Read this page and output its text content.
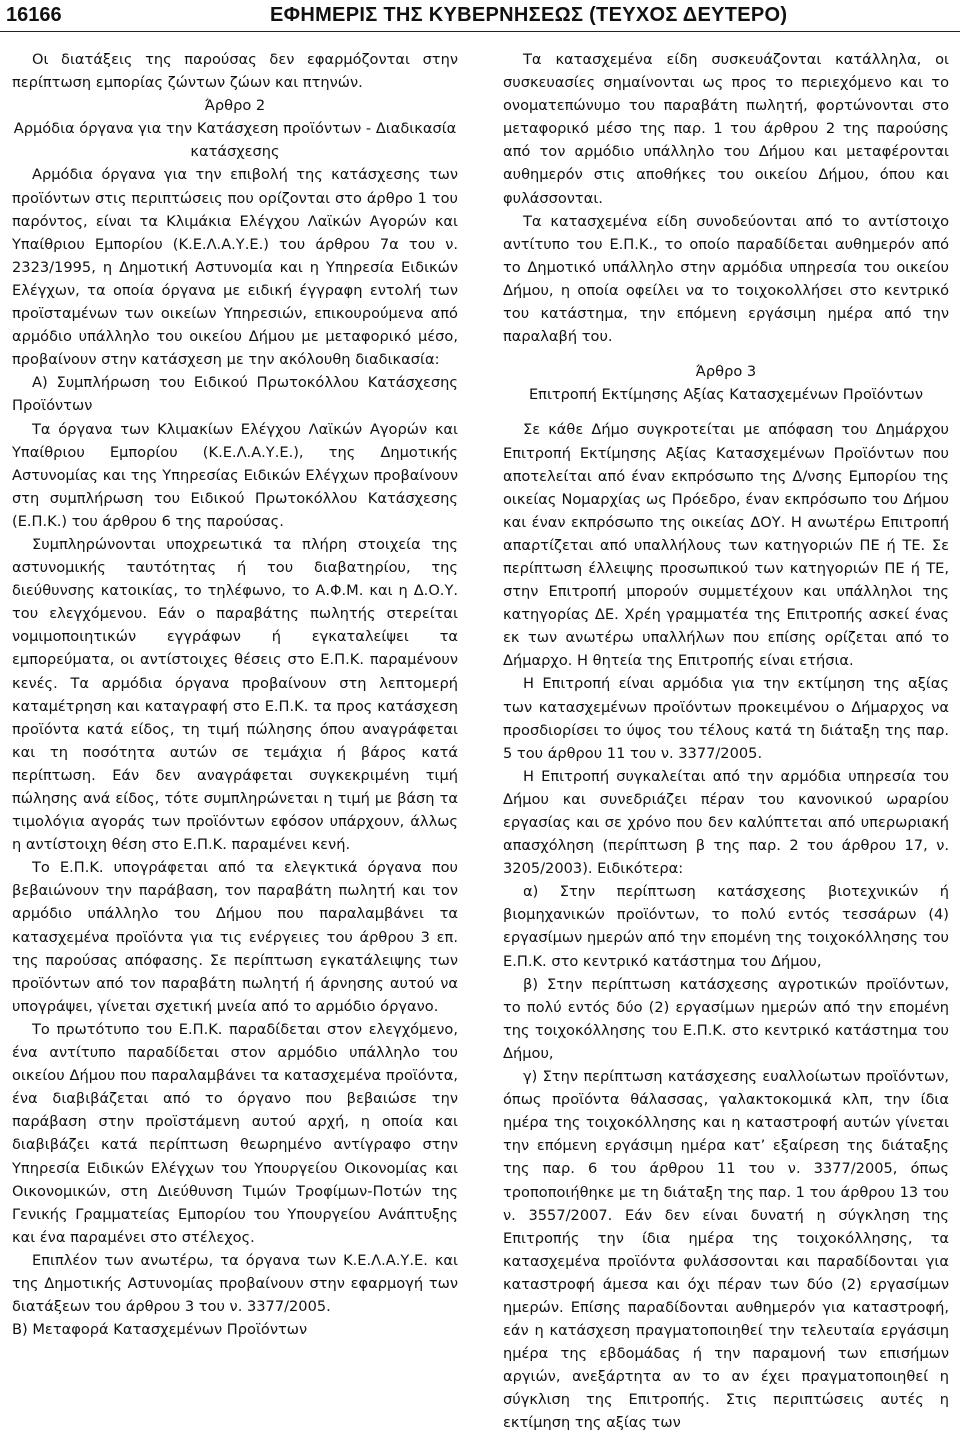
16166	ΕΦΗΜΕΡΙΣ ΤΗΣ ΚΥΒΕΡΝΗΣΕΩΣ (ΤΕΥΧΟΣ ΔΕΥΤΕΡΟ)

Οι διατάξεις της παρούσας δεν εφαρμόζονται στην περίπτωση εμπορίας ζώντων ζώων και πτηνών.

Άρθρο 2

Αρμόδια όργανα για την Κατάσχεση προϊόντων - Διαδικασία κατάσχεσης

Αρμόδια όργανα για την επιβολή της κατάσχεσης των προϊόντων στις περιπτώσεις που ορίζονται στο άρθρο 1 του παρόντος, είναι τα Κλιμάκια Ελέγχου Λαϊκών Αγορών και Υπαίθριου Εμπορίου (Κ.Ε.Λ.Α.Υ.Ε.) του άρθρου 7α του ν. 2323/1995, η Δημοτική Αστυνομία και η Υπηρεσία Ειδικών Ελέγχων, τα οποία όργανα με ειδική έγγραφη εντολή των προϊσταμένων των οικείων Υπηρεσιών, επικουρούμενα από αρμόδιο υπάλληλο του οικείου Δήμου με μεταφορικό μέσο, προβαίνουν στην κατάσχεση με την ακόλουθη διαδικασία:

Α) Συμπλήρωση του Ειδικού Πρωτοκόλλου Κατάσχεσης Προϊόντων

Τα όργανα των Κλιμακίων Ελέγχου Λαϊκών Αγορών και Υπαίθριου Εμπορίου (Κ.Ε.Λ.Α.Υ.Ε.), της Δημοτικής Αστυνομίας και της Υπηρεσίας Ειδικών Ελέγχων προβαίνουν στη συμπλήρωση του Ειδικού Πρωτοκόλλου Κατάσχεσης (Ε.Π.Κ.) του άρθρου 6 της παρούσας.

Συμπληρώνονται υποχρεωτικά τα πλήρη στοιχεία της αστυνομικής ταυτότητας ή του διαβατηρίου, της διεύθυνσης κατοικίας, το τηλέφωνο, το Α.Φ.Μ. και η Δ.Ο.Υ. του ελεγχόμενου. Εάν ο παραβάτης πωλητής στερείται νομιμοποιητικών εγγράφων ή εγκαταλείψει τα εμπορεύματα, οι αντίστοιχες θέσεις στο Ε.Π.Κ. παραμένουν κενές. Τα αρμόδια όργανα προβαίνουν στη λεπτομερή καταμέτρηση και καταγραφή στο Ε.Π.Κ. τα προς κατάσχεση προϊόντα κατά είδος, τη τιμή πώλησης όπου αναγράφεται και τη ποσότητα αυτών σε τεμάχια ή βάρος κατά περίπτωση. Εάν δεν αναγράφεται συγκεκριμένη τιμή πώλησης ανά είδος, τότε συμπληρώνεται η τιμή με βάση τα τιμολόγια αγοράς των προϊόντων εφόσον υπάρχουν, άλλως η αντίστοιχη θέση στο Ε.Π.Κ. παραμένει κενή.

Το Ε.Π.Κ. υπογράφεται από τα ελεγκτικά όργανα που βεβαιώνουν την παράβαση, τον παραβάτη πωλητή και τον αρμόδιο υπάλληλο του Δήμου που παραλαμβάνει τα κατασχεμένα προϊόντα για τις ενέργειες του άρθρου 3 επ. της παρούσας απόφασης. Σε περίπτωση εγκατάλειψης των προϊόντων από τον παραβάτη πωλητή ή άρνησης αυτού να υπογράψει, γίνεται σχετική μνεία από το αρμόδιο όργανο.

Το πρωτότυπο του Ε.Π.Κ. παραδίδεται στον ελεγχόμενο, ένα αντίτυπο παραδίδεται στον αρμόδιο υπάλληλο του οικείου Δήμου που παραλαμβάνει τα κατασχεμένα προϊόντα, ένα διαβιβάζεται από το όργανο που βεβαιώσε την παράβαση στην προϊστάμενη αυτού αρχή, η οποία και διαβιβάζει κατά περίπτωση θεωρημένο αντίγραφο στην Υπηρεσία Ειδικών Ελέγχων του Υπουργείου Οικονομίας και Οικονομικών, στη Διεύθυνση Τιμών Τροφίμων-Ποτών της Γενικής Γραμματείας Εμπορίου του Υπουργείου Ανάπτυξης και ένα παραμένει στο στέλεχος.

Επιπλέον των ανωτέρω, τα όργανα των Κ.Ε.Λ.Α.Υ.Ε. και της Δημοτικής Αστυνομίας προβαίνουν στην εφαρμογή των διατάξεων του άρθρου 3 του ν. 3377/2005.

Β) Μεταφορά Κατασχεμένων Προϊόντων

Τα κατασχεμένα είδη συσκευάζονται κατάλληλα, οι συσκευασίες σημαίνονται ως προς το περιεχόμενο και το ονοματεπώνυμο του παραβάτη πωλητή, φορτώνονται στο μεταφορικό μέσο της παρ. 1 του άρθρου 2 της παρούσης από τον αρμόδιο υπάλληλο του Δήμου και μεταφέρονται αυθημερόν στις αποθήκες του οικείου Δήμου, όπου και φυλάσσονται.

Τα κατασχεμένα είδη συνοδεύονται από το αντίστοιχο αντίτυπο του Ε.Π.Κ., το οποίο παραδίδεται αυθημερόν από το Δημοτικό υπάλληλο στην αρμόδια υπηρεσία του οικείου Δήμου, η οποία οφείλει να το τοιχοκολλήσει στο κεντρικό του κατάστημα, την επόμενη εργάσιμη ημέρα από την παραλαβή του.

Άρθρο 3

Επιτροπή Εκτίμησης Αξίας Κατασχεμένων Προϊόντων

Σε κάθε Δήμο συγκροτείται με απόφαση του Δημάρχου Επιτροπή Εκτίμησης Αξίας Κατασχεμένων Προϊόντων που αποτελείται από έναν εκπρόσωπο της Δ/νσης Εμπορίου της οικείας Νομαρχίας ως Πρόεδρο, έναν εκπρόσωπο του Δήμου και έναν εκπρόσωπο της οικείας ΔΟΥ. Η ανωτέρω Επιτροπή απαρτίζεται από υπαλλήλους των κατηγοριών ΠΕ ή ΤΕ. Σε περίπτωση έλλειψης προσωπικού των κατηγοριών ΠΕ ή ΤΕ, στην Επιτροπή μπορούν συμμετέχουν και υπάλληλοι της κατηγορίας ΔΕ. Χρέη γραμματέα της Επιτροπής ασκεί ένας εκ των ανωτέρω υπαλλήλων που επίσης ορίζεται από το Δήμαρχο. Η θητεία της Επιτροπής είναι ετήσια.

Η Επιτροπή είναι αρμόδια για την εκτίμηση της αξίας των κατασχεμένων προϊόντων προκειμένου ο Δήμαρχος να προσδιορίσει το ύψος του τέλους κατά τη διάταξη της παρ. 5 του άρθρου 11 του ν. 3377/2005.

Η Επιτροπή συγκαλείται από την αρμόδια υπηρεσία του Δήμου και συνεδριάζει πέραν του κανονικού ωραρίου εργασίας και σε χρόνο που δεν καλύπτεται από υπερωριακή απασχόληση (περίπτωση β της παρ. 2 του άρθρου 17, ν. 3205/2003). Ειδικότερα:

α) Στην περίπτωση κατάσχεσης βιοτεχνικών ή βιομηχανικών προϊόντων, το πολύ εντός τεσσάρων (4) εργασίμων ημερών από την επομένη της τοιχοκόλλησης του Ε.Π.Κ. στο κεντρικό κατάστημα του Δήμου,

β) Στην περίπτωση κατάσχεσης αγροτικών προϊόντων, το πολύ εντός δύο (2) εργασίμων ημερών από την επομένη της τοιχοκόλλησης του Ε.Π.Κ. στο κεντρικό κατάστημα του Δήμου,

γ) Στην περίπτωση κατάσχεσης ευαλλοίωτων προϊόντων, όπως προϊόντα θάλασσας, γαλακτοκομικά κλπ, την ίδια ημέρα της τοιχοκόλλησης και η καταστροφή αυτών γίνεται την επόμενη εργάσιμη ημέρα κατ’ εξαίρεση της διάταξης της παρ. 6 του άρθρου 11 του ν. 3377/2005, όπως τροποποιήθηκε με τη διάταξη της παρ. 1 του άρθρου 13 του ν. 3557/2007. Εάν δεν είναι δυνατή η σύγκληση της Επιτροπής την ίδια ημέρα της τοιχοκόλλησης, τα κατασχεμένα προϊόντα φυλάσσονται και παραδίδονται για καταστροφή άμεσα και όχι πέραν των δύο (2) εργασίμων ημερών. Επίσης παραδίδονται αυθημερόν για καταστροφή, εάν η κατάσχεση πραγματοποιηθεί την τελευταία εργάσιμη ημέρα της εβδομάδας ή την παραμονή των επισήμων αργιών, ανεξάρτητα αν το αν έχει πραγματοποιηθεί η σύγκλιση της Επιτροπής. Στις περιπτώσεις αυτές η εκτίμηση της αξίας των
